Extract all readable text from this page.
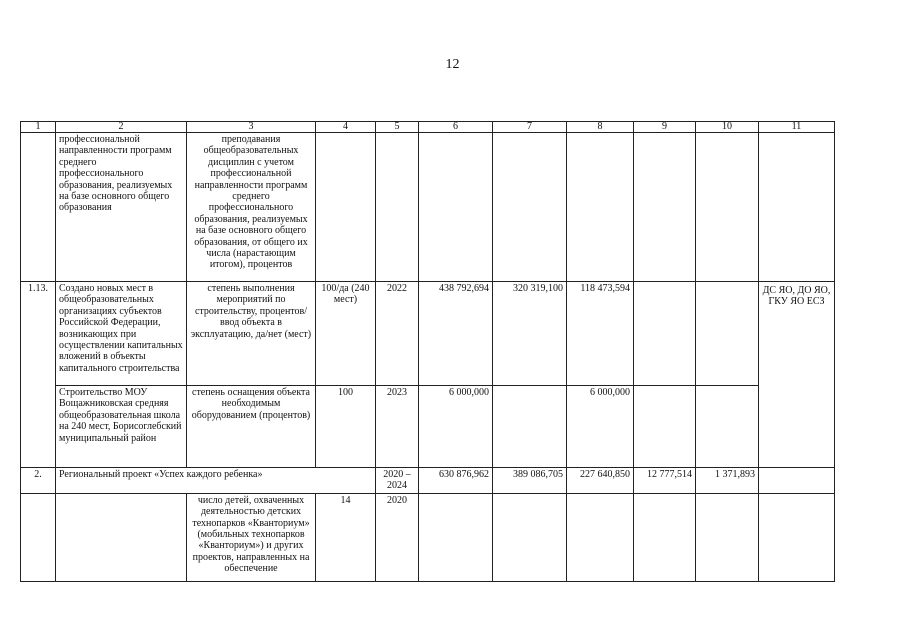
12
1	2	3	4	5	6	7	8	9	10	11
	профессиональной направленности программ среднего профессионального образования, реализуемых на базе основного общего образования	преподавания общеобразовательных дисциплин с учетом профессиональной направленности программ среднего профессионального образования, реализуемых на базе основного общего образования, от общего их числа (нарастающим итогом), процентов								
1.13.	Создано новых мест в общеобразовательных организациях субъектов Российской Федерации, возникающих при осуществлении капитальных вложений в объекты капитального строительства	степень выполнения мероприятий по строительству, процентов/ ввод объекта в эксплуатацию, да/нет (мест)	100/да (240 мест)	2022	438 792,694	320 319,100	118 473,594			ДС ЯО, ДО ЯО, ГКУ ЯО ЕСЗ
	Строительство МОУ Вощажниковская средняя общеобразовательная школа на 240 мест, Борисоглебский муниципальный район	степень оснащения объекта необходимым оборудованием (процентов)	100	2023	6 000,000		6 000,000			
2.	Региональный проект «Успех каждого ребенка»			2020 – 2024	630 876,962	389 086,705	227 640,850	12 777,514	1 371,893	
		число детей, охваченных деятельностью детских технопарков «Кванториум» (мобильных технопарков «Кванториум») и других проектов, направленных на обеспечение	14	2020						
